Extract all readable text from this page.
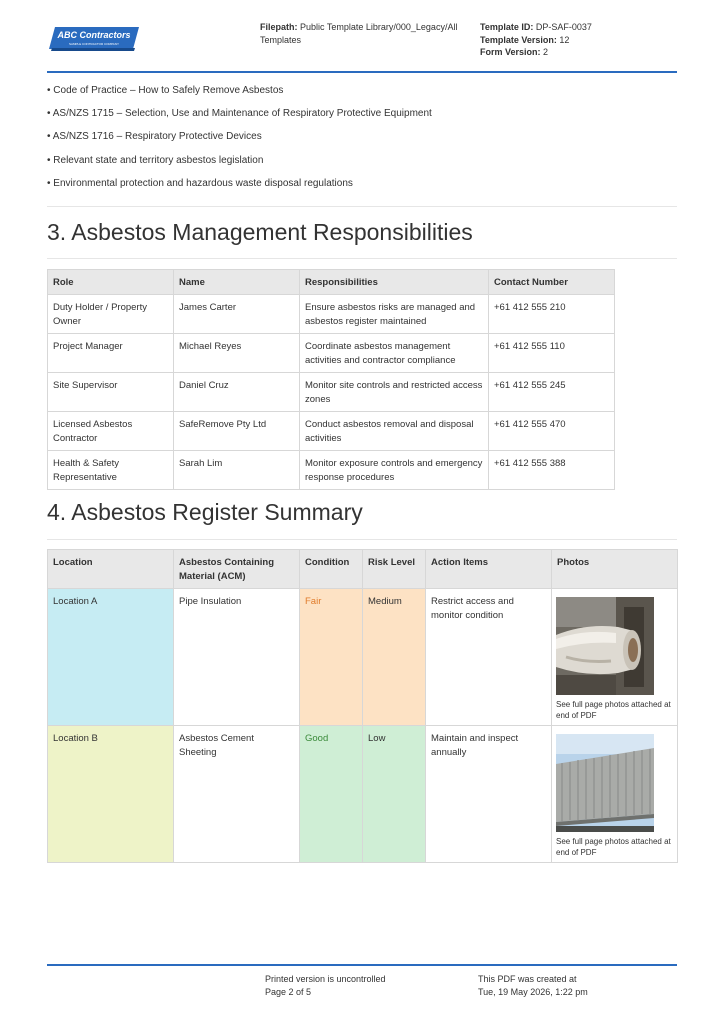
ABC Contractors
SAMPLE CONTRACTOR COMPANY
Filepath: Public Template Library/000_Legacy/All Templates
Template ID: DP-SAF-0037
Template Version: 12
Form Version: 2
• Code of Practice – How to Safely Remove Asbestos
• AS/NZS 1715 – Selection, Use and Maintenance of Respiratory Protective Equipment
• AS/NZS 1716 – Respiratory Protective Devices
• Relevant state and territory asbestos legislation
• Environmental protection and hazardous waste disposal regulations
3. Asbestos Management Responsibilities
Role	Name	Responsibilities	Contact Number
Duty Holder / Property Owner	James Carter	Ensure asbestos risks are managed and asbestos register maintained	+61 412 555 210
Project Manager	Michael Reyes	Coordinate asbestos management activities and contractor compliance	+61 412 555 110
Site Supervisor	Daniel Cruz	Monitor site controls and restricted access zones	+61 412 555 245
Licensed Asbestos Contractor	SafeRemove Pty Ltd	Conduct asbestos removal and disposal activities	+61 412 555 470
Health & Safety Representative	Sarah Lim	Monitor exposure controls and emergency response procedures	+61 412 555 388
4. Asbestos Register Summary
Location	Asbestos Containing Material (ACM)	Condition	Risk Level	Action Items	Photos
Location A	Pipe Insulation	Fair	Medium	Restrict access and monitor condition	See full page photos attached at end of PDF

Location B	Asbestos Cement Sheeting	Good	Low	Maintain and inspect annually	See full page photos attached at end of PDF
Printed version is uncontrolled
Page 2 of 5
This PDF was created at
Tue, 19 May 2026, 1:22 pm
